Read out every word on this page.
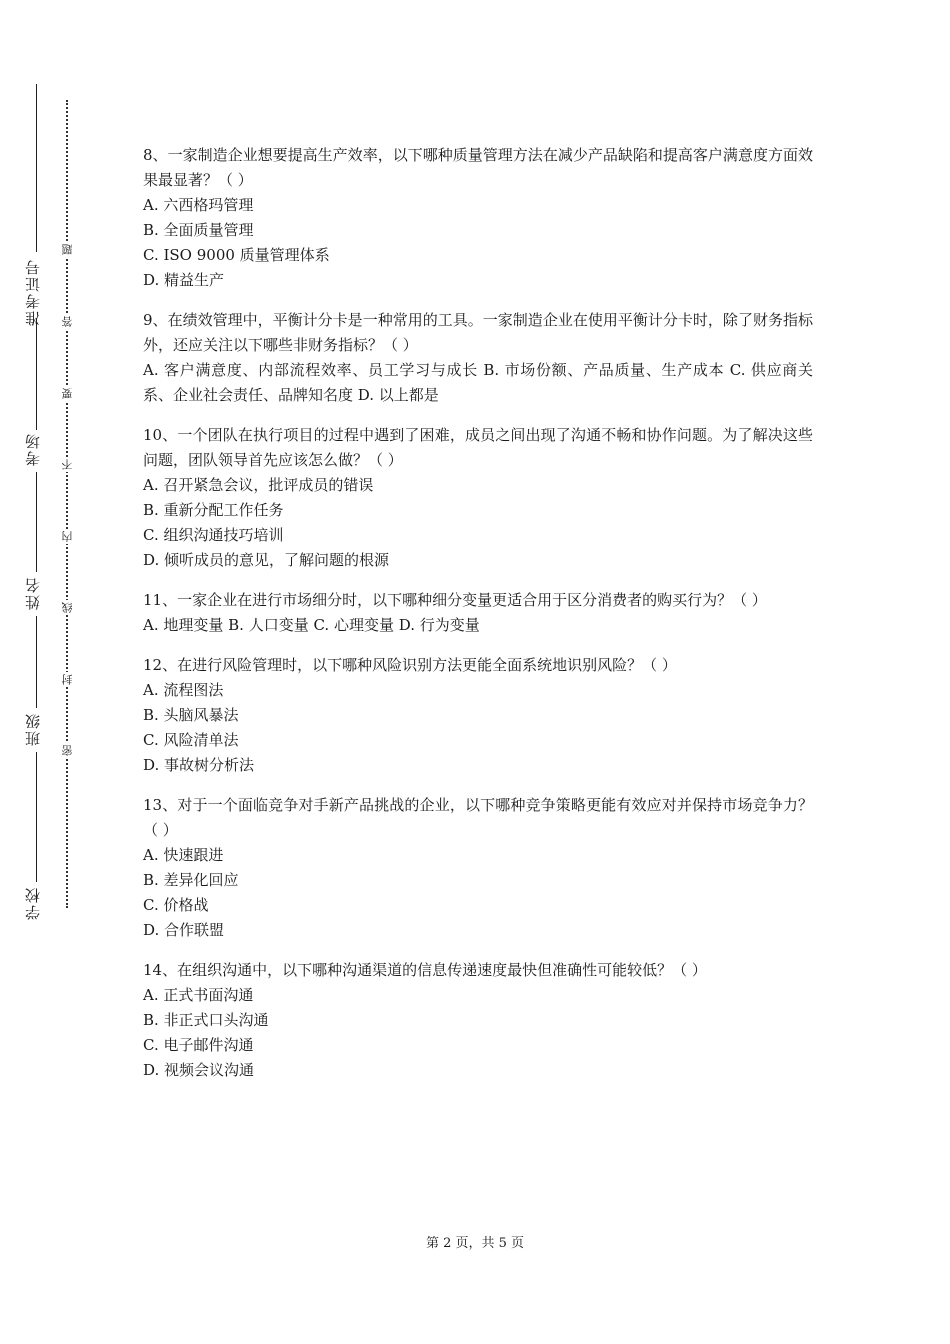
准考证号
考场
姓名
班级
学校
题
答
要
不
内
线
封
密

8、一家制造企业想要提高生产效率，以下哪种质量管理方法在减少产品缺陷和提高客户满意度方面效果最显著？（ ）

A. 六西格玛管理

B. 全面质量管理

C. ISO 9000 质量管理体系

D. 精益生产

9、在绩效管理中，平衡计分卡是一种常用的工具。一家制造企业在使用平衡计分卡时，除了财务指标外，还应关注以下哪些非财务指标？（ ）

A. 客户满意度、内部流程效率、员工学习与成长 B. 市场份额、产品质量、生产成本 C. 供应商关系、企业社会责任、品牌知名度 D. 以上都是

10、一个团队在执行项目的过程中遇到了困难，成员之间出现了沟通不畅和协作问题。为了解决这些问题，团队领导首先应该怎么做？（ ）

A. 召开紧急会议，批评成员的错误

B. 重新分配工作任务

C. 组织沟通技巧培训

D. 倾听成员的意见，了解问题的根源

11、一家企业在进行市场细分时，以下哪种细分变量更适合用于区分消费者的购买行为？（ ）

A. 地理变量 B. 人口变量 C. 心理变量 D. 行为变量

12、在进行风险管理时，以下哪种风险识别方法更能全面系统地识别风险？（ ）

A. 流程图法

B. 头脑风暴法

C. 风险清单法

D. 事故树分析法

13、对于一个面临竞争对手新产品挑战的企业，以下哪种竞争策略更能有效应对并保持市场竞争力？（ ）

A. 快速跟进

B. 差异化回应

C. 价格战

D. 合作联盟

14、在组织沟通中，以下哪种沟通渠道的信息传递速度最快但准确性可能较低？（ ）

A. 正式书面沟通

B. 非正式口头沟通

C. 电子邮件沟通

D. 视频会议沟通

第 2 页，共 5 页
